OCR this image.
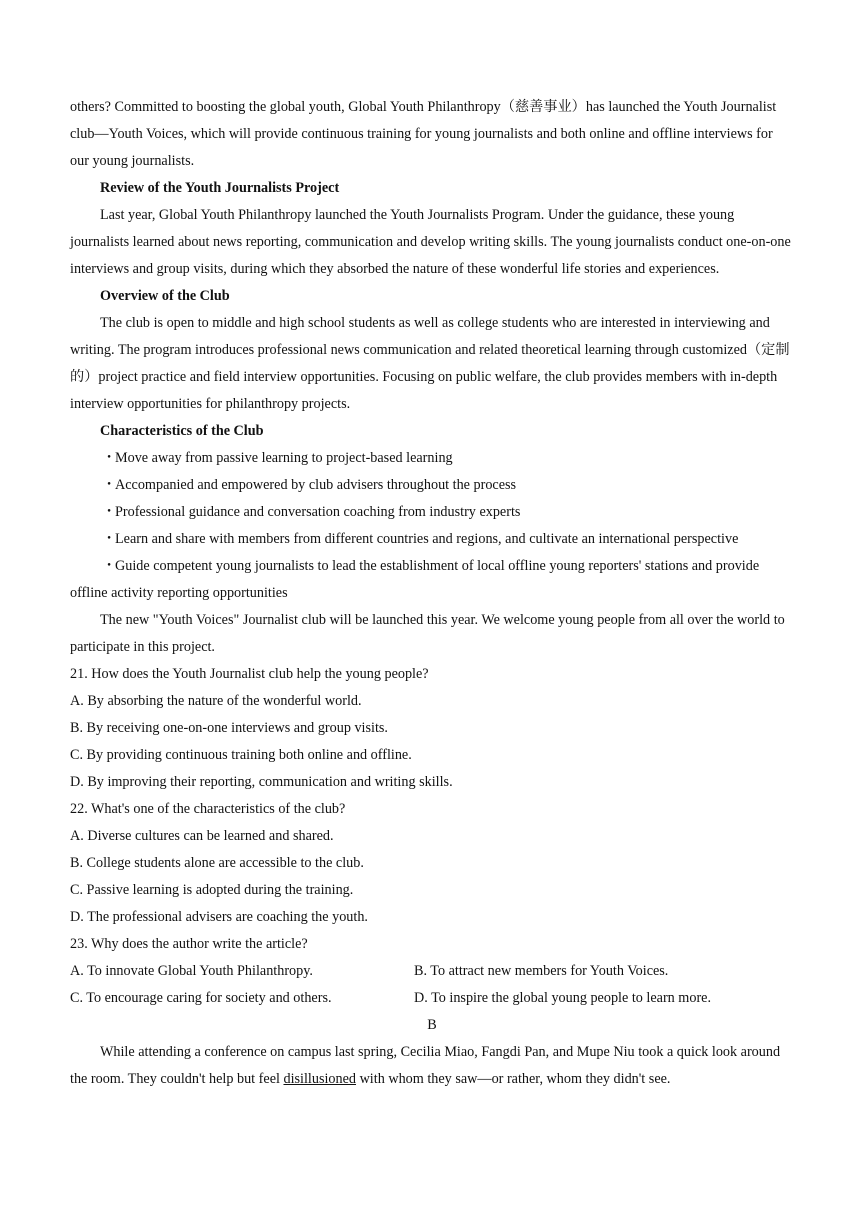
others? Committed to boosting the global youth, Global Youth Philanthropy（慈善事业）has launched the Youth Journalist club—Youth Voices, which will provide continuous training for young journalists and both online and offline interviews for our young journalists.

Review of the Youth Journalists Project

Last year, Global Youth Philanthropy launched the Youth Journalists Program. Under the guidance, these young journalists learned about news reporting, communication and develop writing skills. The young journalists conduct one-on-one interviews and group visits, during which they absorbed the nature of these wonderful life stories and experiences.

Overview of the Club

The club is open to middle and high school students as well as college students who are interested in interviewing and writing. The program introduces professional news communication and related theoretical learning through customized（定制的）project practice and field interview opportunities. Focusing on public welfare, the club provides members with in-depth interview opportunities for philanthropy projects.

Characteristics of the Club

・Move away from passive learning to project-based learning

・Accompanied and empowered by club advisers throughout the process

・Professional guidance and conversation coaching from industry experts

・Learn and share with members from different countries and regions, and cultivate an international perspective

・Guide competent young journalists to lead the establishment of local offline young reporters' stations and provide offline activity reporting opportunities

The new "Youth Voices" Journalist club will be launched this year. We welcome young people from all over the world to participate in this project.

21. How does the Youth Journalist club help the young people?

A. By absorbing the nature of the wonderful world.

B. By receiving one-on-one interviews and group visits.

C. By providing continuous training both online and offline.

D. By improving their reporting, communication and writing skills.

22. What's one of the characteristics of the club?

A. Diverse cultures can be learned and shared.

B. College students alone are accessible to the club.

C. Passive learning is adopted during the training.

D. The professional advisers are coaching the youth.

23. Why does the author write the article?

A. To innovate Global Youth Philanthropy.	B. To attract new members for Youth Voices.
C. To encourage caring for society and others.	D. To inspire the global young people to learn more.

B

While attending a conference on campus last spring, Cecilia Miao, Fangdi Pan, and Mupe Niu took a quick look around the room. They couldn't help but feel disillusioned with whom they saw—or rather, whom they didn't see.
